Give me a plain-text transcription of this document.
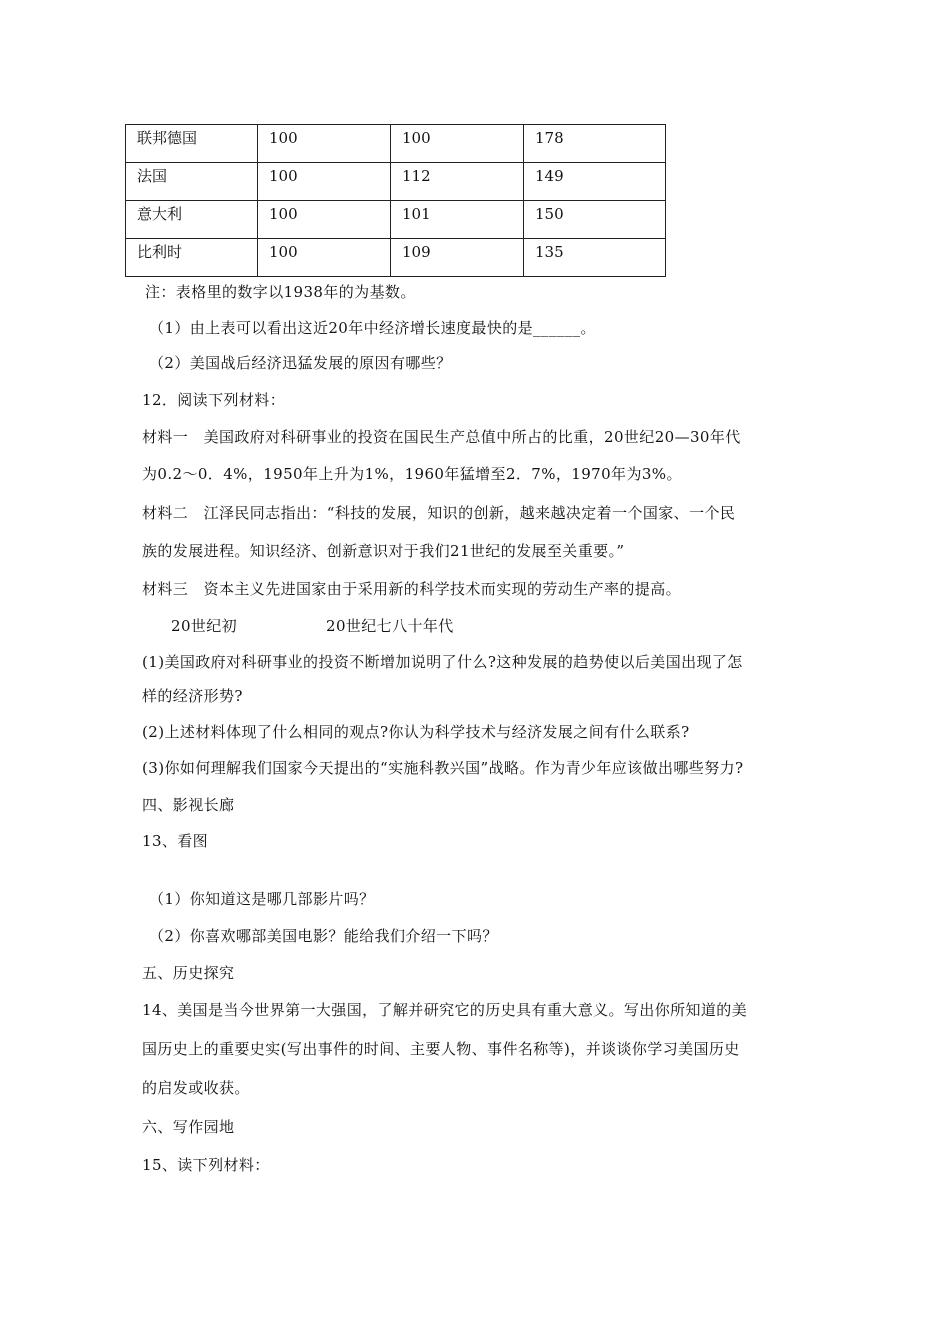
联邦德国	100	100	178
法国	100	112	149
意大利	100	101	150
比利时	100	109	135
注：表格里的数字以1938年的为基数。
（1）由上表可以看出这近20年中经济增长速度最快的是______。
（2）美国战后经济迅猛发展的原因有哪些？
12．阅读下列材料：
材料一　美国政府对科研事业的投资在国民生产总值中所占的比重，20世纪20—30年代
为0.2～0．4%，1950年上升为1%，1960年猛增至2．7%，1970年为3%。
材料二　江泽民同志指出：“科技的发展，知识的创新，越来越决定着一个国家、一个民
族的发展进程。知识经济、创新意识对于我们21世纪的发展至关重要。”
材料三　资本主义先进国家由于采用新的科学技术而实现的劳动生产率的提高。
20世纪初	20世纪七八十年代
(1)美国政府对科研事业的投资不断增加说明了什么?这种发展的趋势使以后美国出现了怎
样的经济形势?
(2)上述材料体现了什么相同的观点?你认为科学技术与经济发展之间有什么联系?
(3)你如何理解我们国家今天提出的“实施科教兴国”战略。作为青少年应该做出哪些努力?
四、影视长廊
13、看图
（1）你知道这是哪几部影片吗？
（2）你喜欢哪部美国电影？能给我们介绍一下吗？
五、历史探究
14、美国是当今世界第一大强国，了解并研究它的历史具有重大意义。写出你所知道的美
国历史上的重要史实(写出事件的时间、主要人物、事件名称等)，并谈谈你学习美国历史
的启发或收获。
六、写作园地
15、读下列材料：
